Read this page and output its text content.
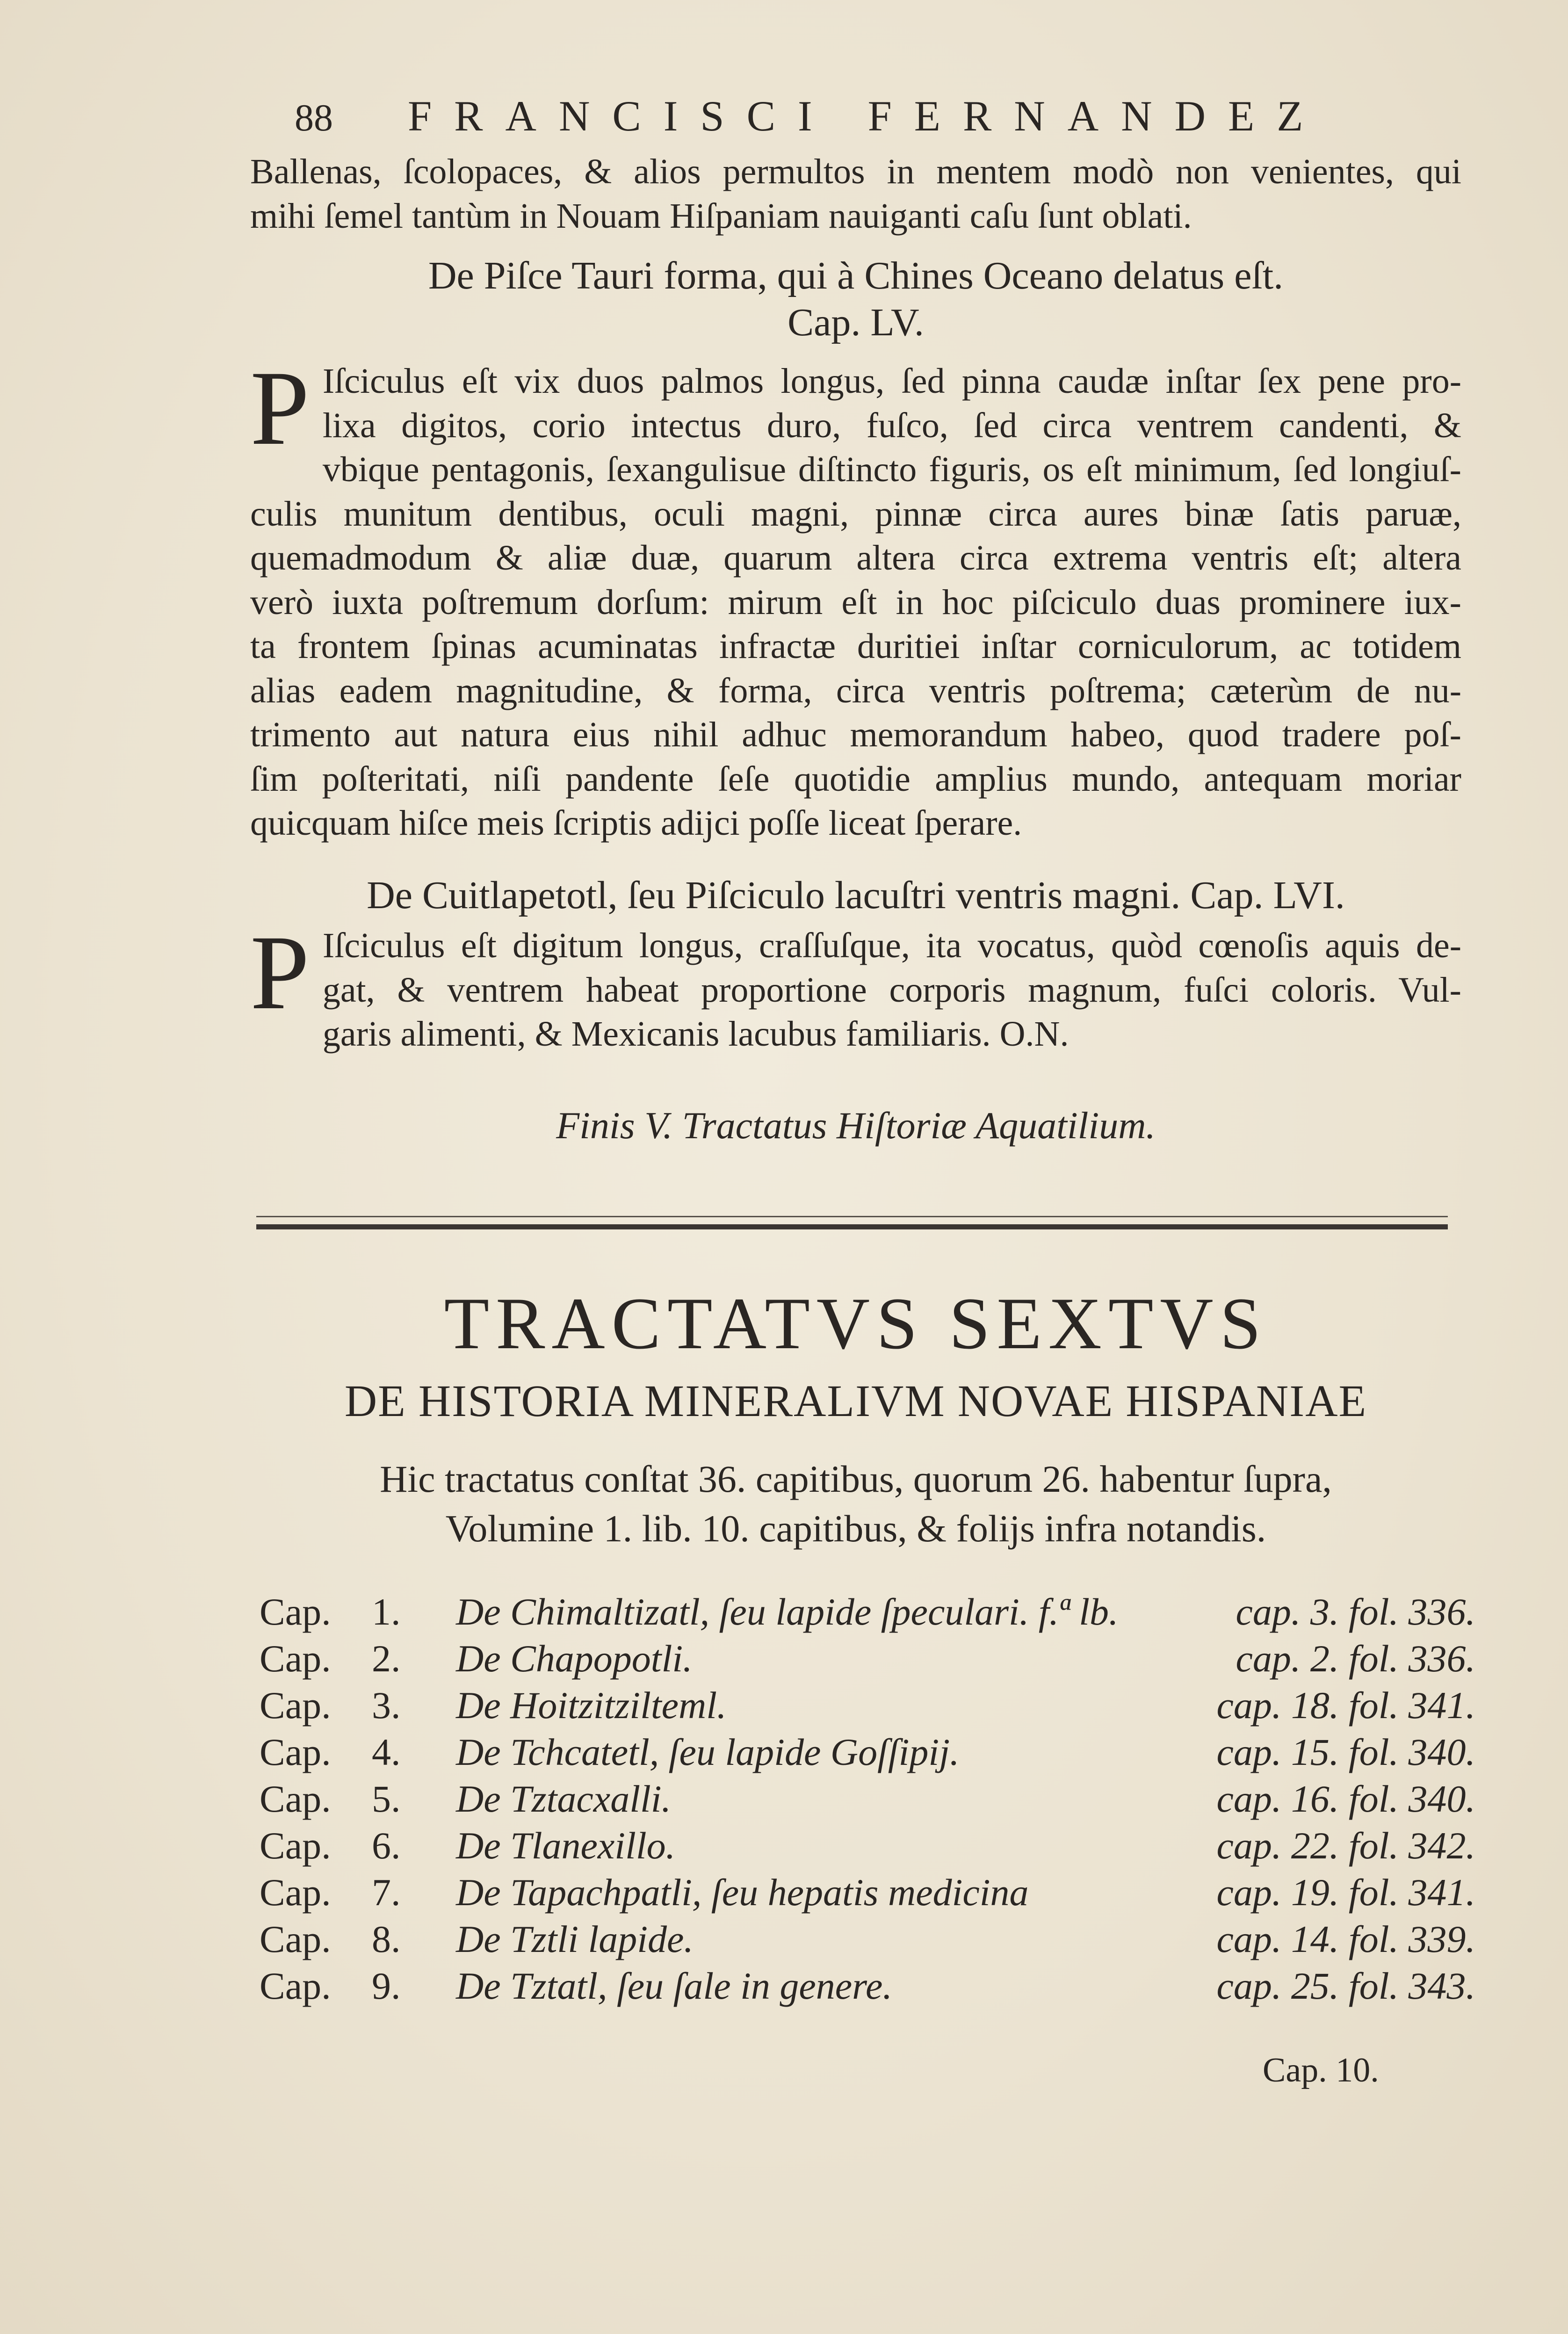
88 FRANCISCI FERNANDEZ
Ballenas, ſcolopaces, & alios permultos in mentem modò non venientes, qui
mihi ſemel tantùm in Nouam Hiſpaniam nauiganti caſu ſunt oblati.
De Piſce Tauri forma, qui à Chines Oceano delatus eſt.
Cap. LV.
P Iſciculus eſt vix duos palmos longus, ſed pinna caudæ inſtar ſex pene pro-
lixa digitos, corio intectus duro, fuſco, ſed circa ventrem candenti, &
vbique pentagonis, ſexangulisue diſtincto figuris, os eſt minimum, ſed longiuſ-
culis munitum dentibus, oculi magni, pinnæ circa aures binæ ſatis paruæ,
quemadmodum & aliæ duæ, quarum altera circa extrema ventris eſt; altera
verò iuxta poſtremum dorſum: mirum eſt in hoc piſciculo duas prominere iux-
ta frontem ſpinas acuminatas infractæ duritiei inſtar corniculorum, ac totidem
alias eadem magnitudine, & forma, circa ventris poſtrema; cæterùm de nu-
trimento aut natura eius nihil adhuc memorandum habeo, quod tradere poſ-
ſim poſteritati, niſi pandente ſeſe quotidie amplius mundo, antequam moriar
quicquam hiſce meis ſcriptis adijci poſſe liceat ſperare.
De Cuitlapetotl, ſeu Piſciculo lacuſtri ventris magni. Cap. LVI.
P Iſciculus eſt digitum longus, craſſuſque, ita vocatus, quòd cœnoſis aquis de-
gat, & ventrem habeat proportione corporis magnum, fuſci coloris. Vul-
garis alimenti, & Mexicanis lacubus familiaris. O.N.
Finis V. Tractatus Hiſtoriæ Aquatilium.
TRACTATVS SEXTVS
DE HISTORIA MINERALIVM NOVAE HISPANIAE
Hic tractatus conſtat 36. capitibus, quorum 26. habentur ſupra,
Volumine 1. lib. 10. capitibus, & folijs infra notandis.
Cap. 1. De Chimaltizatl, ſeu lapide ſpeculari. f.ª lb.	cap. 3. fol. 336.
Cap. 2. De Chapopotli.	cap. 2. fol. 336.
Cap. 3. De Hoitzitzilteтl.	cap. 18. fol. 341.
Cap. 4. De Tchcatetl, ſeu lapide Goſſipij.	cap. 15. fol. 340.
Cap. 5. De Tztacxalli.	cap. 16. fol. 340.
Cap. 6. De Tlanexillo.	cap. 22. fol. 342.
Cap. 7. De Tapachpatli, ſeu hepatis medicina	cap. 19. fol. 341.
Cap. 8. De Tztli lapide.	cap. 14. fol. 339.
Cap. 9. De Tztatl, ſeu ſale in genere.	cap. 25. fol. 343.
Cap. 10.
